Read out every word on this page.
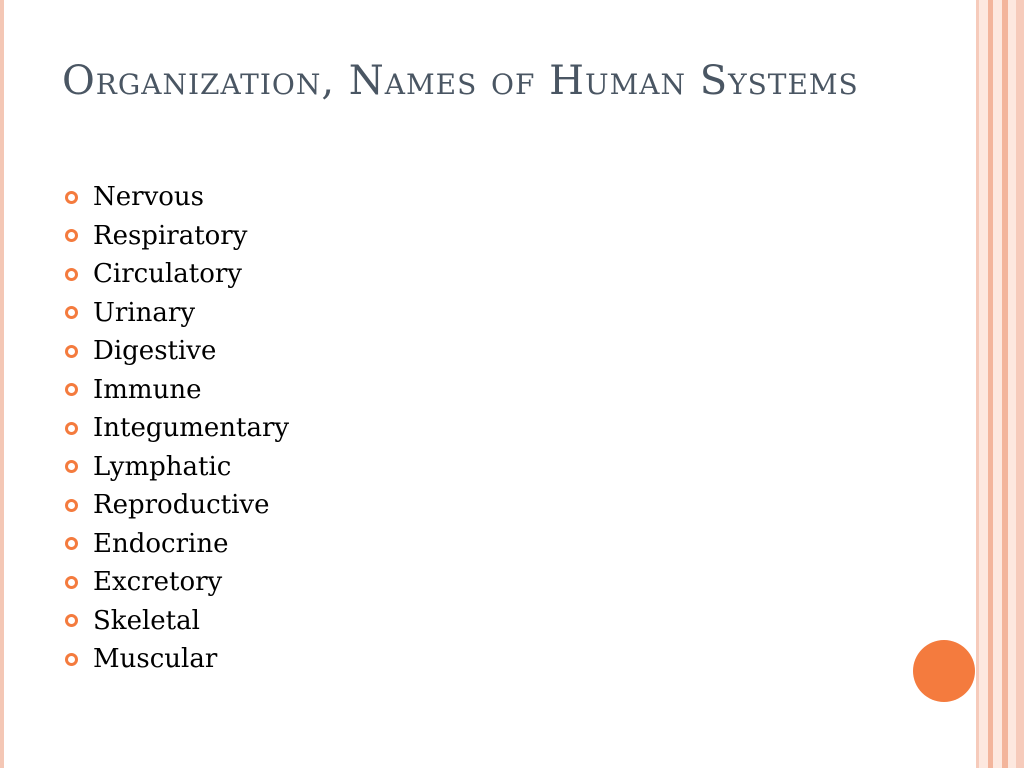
Organization, Names of Human Systems
Nervous
Respiratory
Circulatory
Urinary
Digestive
Immune
Integumentary
Lymphatic
Reproductive
Endocrine
Excretory
Skeletal
Muscular
